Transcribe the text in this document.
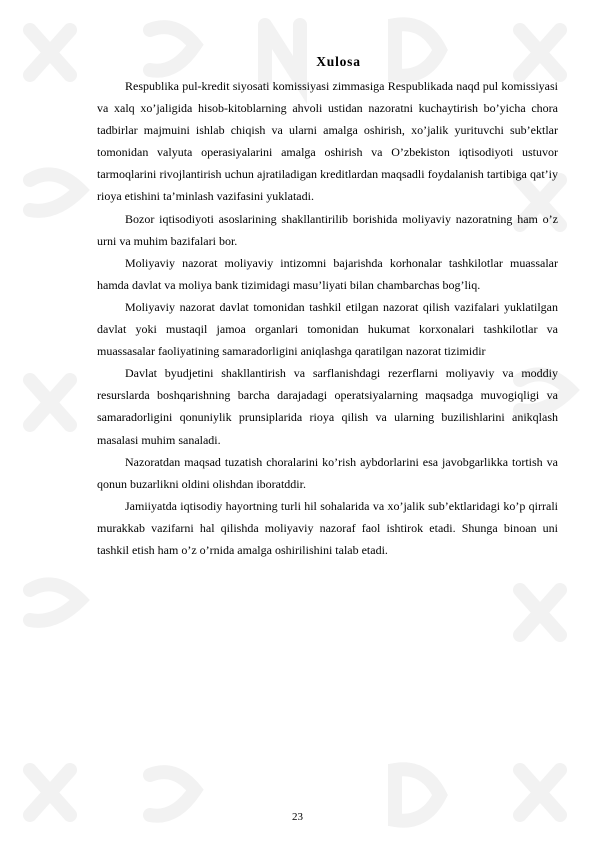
Xulosa

Respublika pul-kredit siyosati komissiyasi zimmasiga Respublikada naqd pul komissiyasi va xalq xo’jaligida hisob-kitoblarning ahvoli ustidan nazoratni kuchaytirish bo’yicha chora tadbirlar majmuini ishlab chiqish va ularni amalga oshirish, xo’jalik yurituvchi sub’ektlar tomonidan valyuta operasiyalarini amalga oshirish va O’zbekiston iqtisodiyoti ustuvor tarmoqlarini rivojlantirish uchun ajratiladigan kreditlardan maqsadli foydalanish tartibiga qat’iy rioya etishini ta’minlash vazifasini yuklatadi.

Bozor iqtisodiyoti asoslarining shakllantirilib borishida moliyaviy nazoratning ham o’z urni va muhim bazifalari bor.

Moliyaviy nazorat moliyaviy intizomni bajarishda korhonalar tashkilotlar muassalar hamda davlat va moliya bank tizimidagi masu’liyati bilan chambarchas bog’liq.

Moliyaviy nazorat davlat tomonidan tashkil etilgan nazorat qilish vazifalari yuklatilgan davlat yoki mustaqil jamoa organlari tomonidan hukumat korxonalari tashkilotlar va muassasalar faoliyatining samaradorligini aniqlashga qaratilgan nazorat tizimidir

Davlat byudjetini shakllantirish va sarflanishdagi rezerflarni moliyaviy va moddiy resurslarda boshqarishning barcha darajadagi operatsiyalarning maqsadga muvogiqligi va samaradorligini qonuniylik prunsiplarida rioya qilish va ularning buzilishlarini anikqlash masalasi muhim sanaladi.

Nazoratdan maqsad tuzatish choralarini ko’rish aybdorlarini esa javobgarlikka tortish va qonun buzarlikni oldini olishdan iboratddir.

Jamiiyatda iqtisodiy hayortning turli hil sohalarida va xo’jalik sub’ektlaridagi ko’p qirrali murakkab vazifarni hal qilishda moliyaviy nazoraf faol ishtirok etadi. Shunga binoan uni tashkil etish ham o’z o’rnida amalga oshirilishini talab etadi.

23
